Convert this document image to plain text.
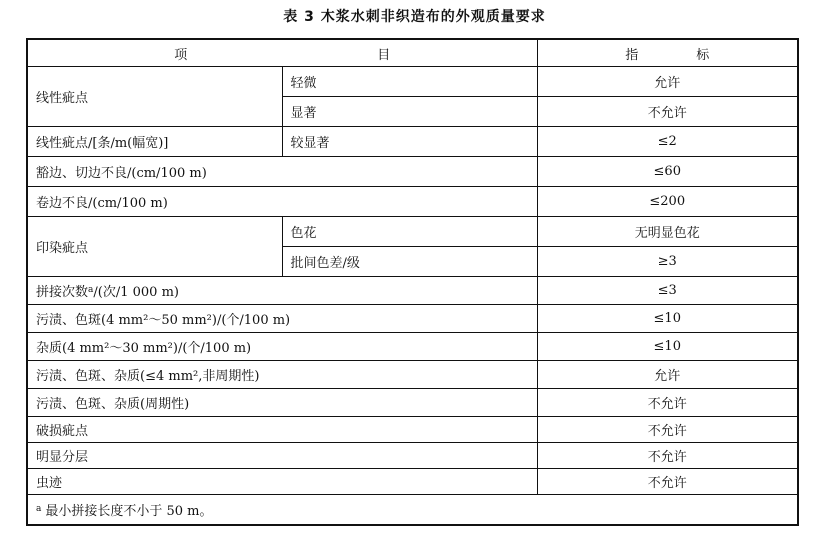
表 3 木浆水刺非织造布的外观质量要求
项 目		指 标
线性疵点	轻微	允许
	显著	不允许
线性疵点/[条/m(幅宽)]	较显著	≤2
豁边、切边不良/(cm/100 m)		≤60
卷边不良/(cm/100 m)		≤200
印染疵点	色花	无明显色花
	批间色差/级	≥3
拼接次数$^a$/(次/1 000 m)		≤3
污渍、色斑(4 mm²～50 mm²)/(个/100 m)		≤10
杂质(4 mm²～30 mm²)/(个/100 m)		≤10
污渍、色斑、杂质(≤4 mm²,非周期性)		允许
污渍、色斑、杂质(周期性)		不允许
破损疵点		不允许
明显分层		不允许
虫迹		不允许
$^a$ 最小拼接长度不小于 50 m。		
